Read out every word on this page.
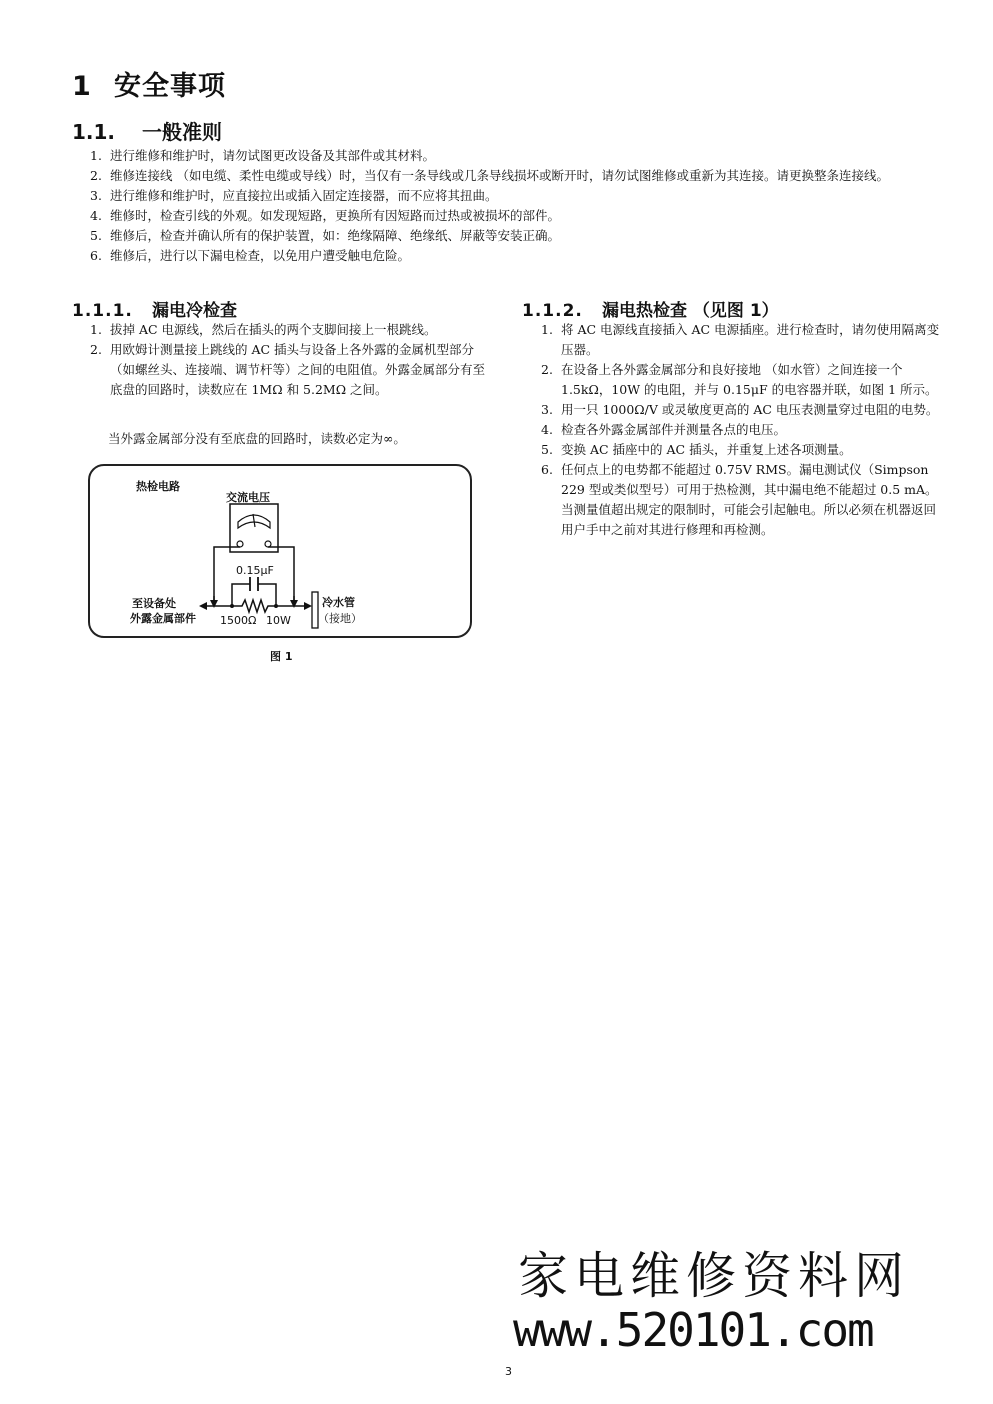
1 安全事项
1.1. 一般准则
1. 进行维修和维护时，请勿试图更改设备及其部件或其材料。
2. 维修连接线 （如电缆、柔性电缆或导线）时，当仅有一条导线或几条导线损坏或断开时，请勿试图维修或重新为其连接。请更换整条连接线。
3. 进行维修和维护时，应直接拉出或插入固定连接器，而不应将其扭曲。
4. 维修时，检查引线的外观。如发现短路，更换所有因短路而过热或被损坏的部件。
5. 维修后，检查并确认所有的保护装置，如：绝缘隔障、绝缘纸、屏蔽等安装正确。
6. 维修后，进行以下漏电检查，以免用户遭受触电危险。
1.1.1. 漏电冷检查
1. 拔掉 AC 电源线，然后在插头的两个支脚间接上一根跳线。
2. 用欧姆计测量接上跳线的 AC 插头与设备上各外露的金属机型部分（如螺丝头、连接端、调节杆等）之间的电阻值。外露金属部分有至底盘的回路时，读数应在 1MΩ 和 5.2MΩ 之间。
当外露金属部分没有至底盘的回路时，读数必定为∞。
热检电路
交流电压
0.15μF
至设备处
外露金属部件 1500Ω 10W
冷水管
（接地）
图 1
1.1.2. 漏电热检查 （见图 1）
1. 将 AC 电源线直接插入 AC 电源插座。进行检查时，请勿使用隔离变压器。
2. 在设备上各外露金属部分和良好接地 （如水管）之间连接一个 1.5kΩ，10W 的电阻，并与 0.15μF 的电容器并联，如图 1 所示。
3. 用一只 1000Ω/V 或灵敏度更高的 AC 电压表测量穿过电阻的电势。
4. 检查各外露金属部件并测量各点的电压。
5. 变换 AC 插座中的 AC 插头，并重复上述各项测量。
6. 任何点上的电势都不能超过 0.75V RMS。漏电测试仪（Simpson 229 型或类似型号）可用于热检测，其中漏电绝不能超过 0.5 mA。当测量值超出规定的限制时，可能会引起触电。所以必须在机器返回用户手中之前对其进行修理和再检测。
家电维修资料网
www.520101.com
3
